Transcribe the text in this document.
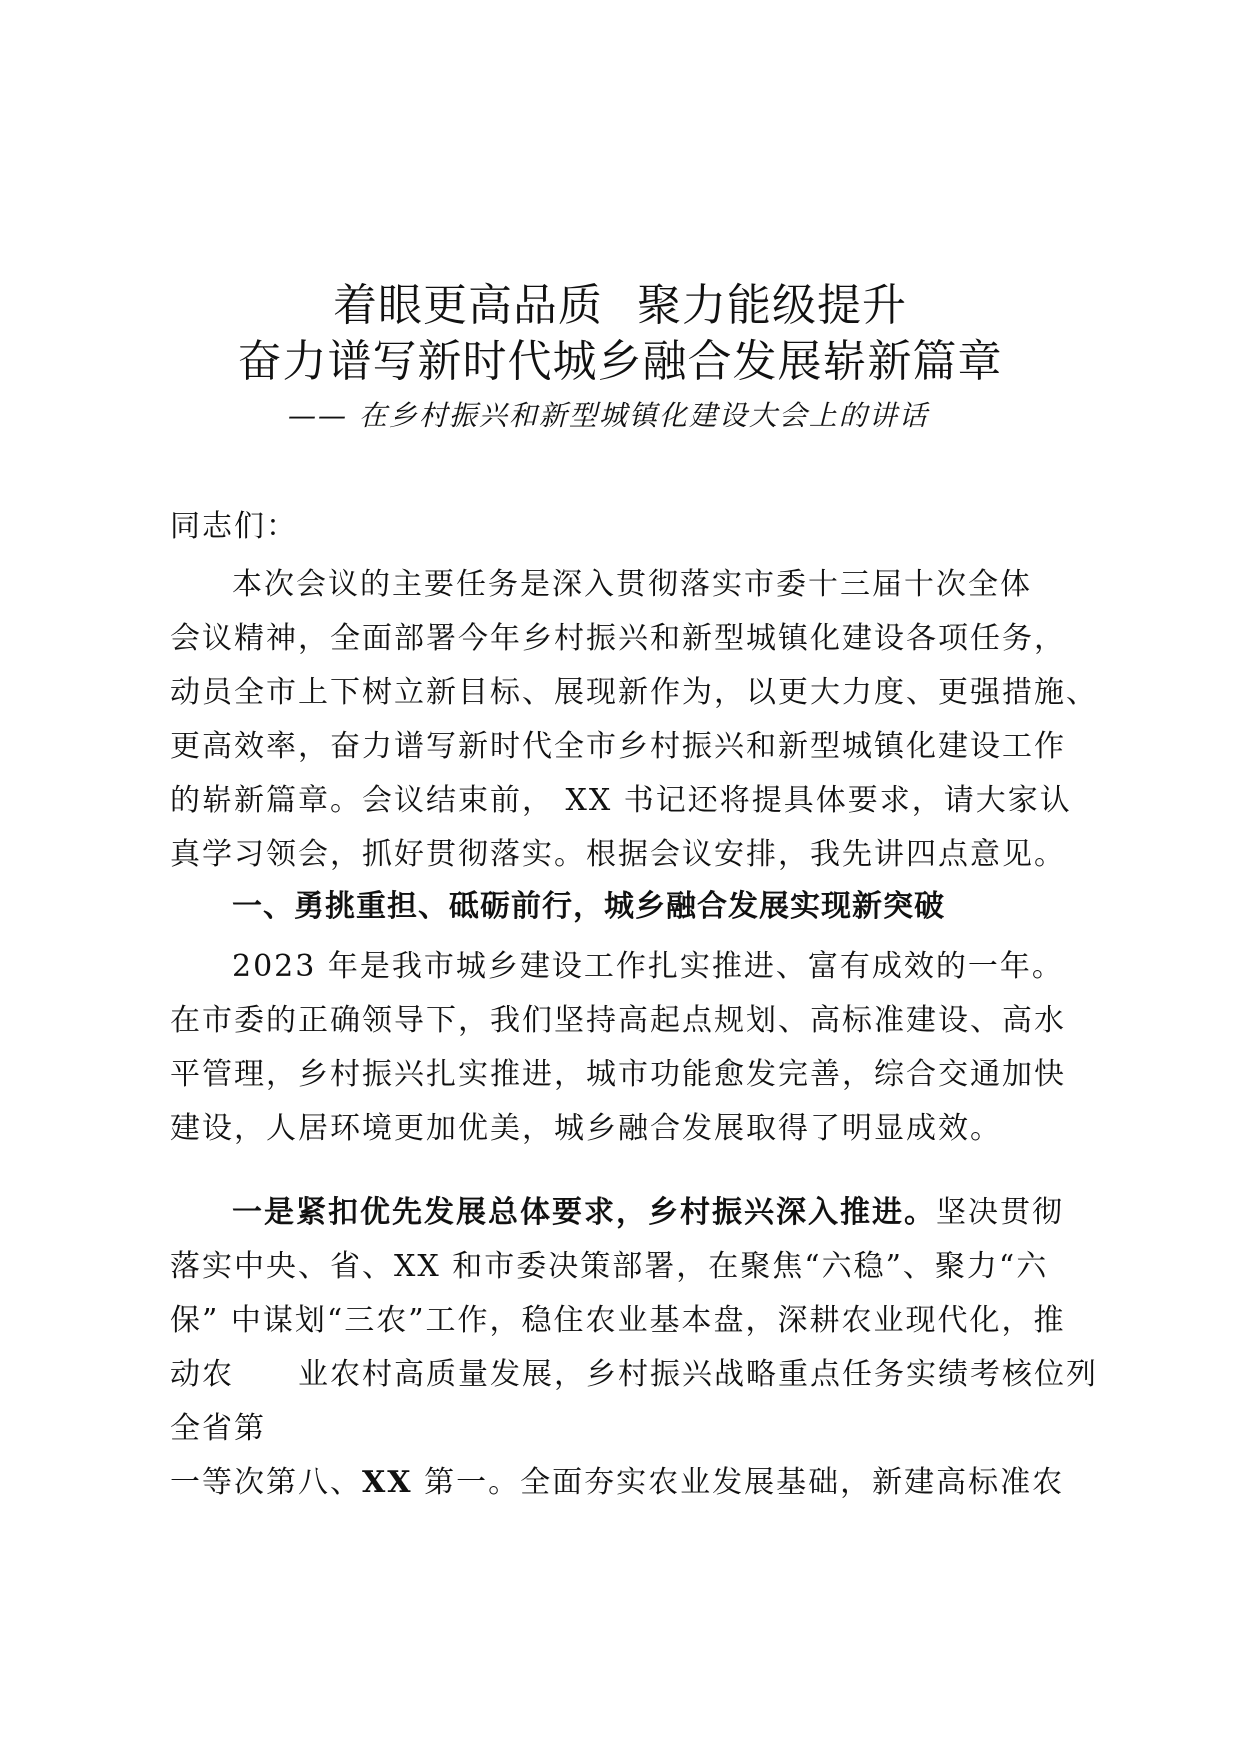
着眼更高品质 聚力能级提升
奋力谱写新时代城乡融合发展崭新篇章
—— 在乡村振兴和新型城镇化建设大会上的讲话
同志们：
本次会议的主要任务是深入贯彻落实市委十三届十次全体
会议精神，全面部署今年乡村振兴和新型城镇化建设各项任务，
动员全市上下树立新目标、展现新作为，以更大力度、更强措施、
更高效率，奋力谱写新时代全市乡村振兴和新型城镇化建设工作
的崭新篇章。会议结束前， XX 书记还将提具体要求，请大家认
真学习领会，抓好贯彻落实。根据会议安排，我先讲四点意见。
一、勇挑重担、砥砺前行，城乡融合发展实现新突破
2023 年是我市城乡建设工作扎实推进、富有成效的一年。
在市委的正确领导下，我们坚持高起点规划、高标准建设、高水
平管理，乡村振兴扎实推进，城市功能愈发完善，综合交通加快
建设，人居环境更加优美，城乡融合发展取得了明显成效。
一是紧扣优先发展总体要求，乡村振兴深入推进。坚决贯彻
落实中央、省、XX 和市委决策部署，在聚焦“六稳”、聚力“六
保” 中谋划“三农”工作，稳住农业基本盘，深耕农业现代化，推
动农　　业农村高质量发展，乡村振兴战略重点任务实绩考核位列
全省第
一等次第八、XX 第一。全面夯实农业发展基础，新建高标准农
